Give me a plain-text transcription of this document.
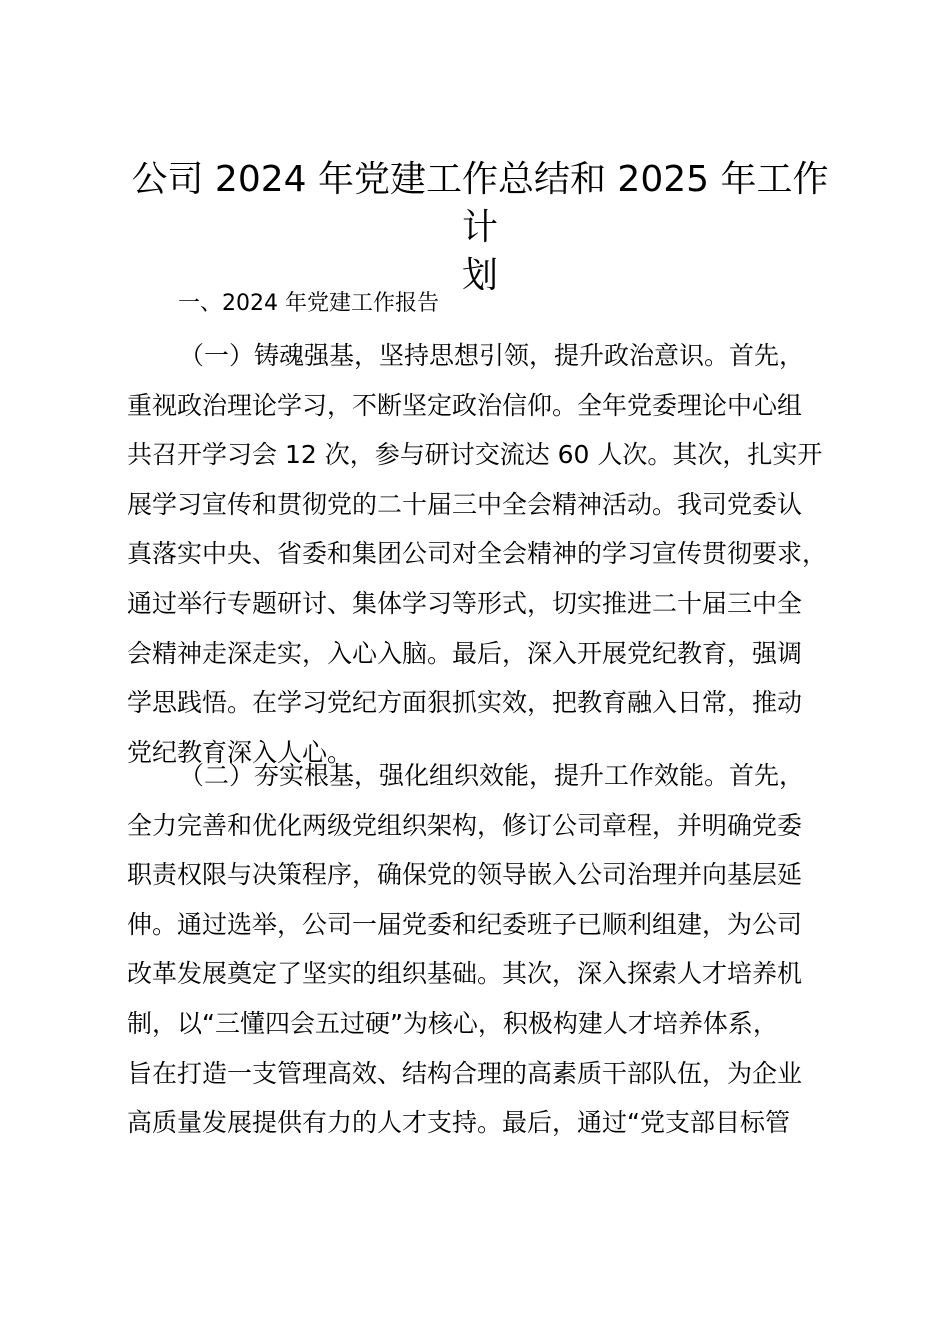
公司 2024 年党建工作总结和 2025 年工作计
划

一、2024 年党建工作报告

（一）铸魂强基，坚持思想引领，提升政治意识。首先，
重视政治理论学习，不断坚定政治信仰。全年党委理论中心组
共召开学习会 12 次，参与研讨交流达 60 人次。其次，扎实开
展学习宣传和贯彻党的二十届三中全会精神活动。我司党委认
真落实中央、省委和集团公司对全会精神的学习宣传贯彻要求，
通过举行专题研讨、集体学习等形式，切实推进二十届三中全
会精神走深走实，入心入脑。最后，深入开展党纪教育，强调
学思践悟。在学习党纪方面狠抓实效，把教育融入日常，推动
党纪教育深入人心。
（二）夯实根基，强化组织效能，提升工作效能。首先，
全力完善和优化两级党组织架构，修订公司章程，并明确党委
职责权限与决策程序，确保党的领导嵌入公司治理并向基层延
伸。通过选举，公司一届党委和纪委班子已顺利组建，为公司
改革发展奠定了坚实的组织基础。其次，深入探索人才培养机
制，以“三懂四会五过硬”为核心，积极构建人才培养体系，
旨在打造一支管理高效、结构合理的高素质干部队伍，为企业
高质量发展提供有力的人才支持。最后，通过“党支部目标管
